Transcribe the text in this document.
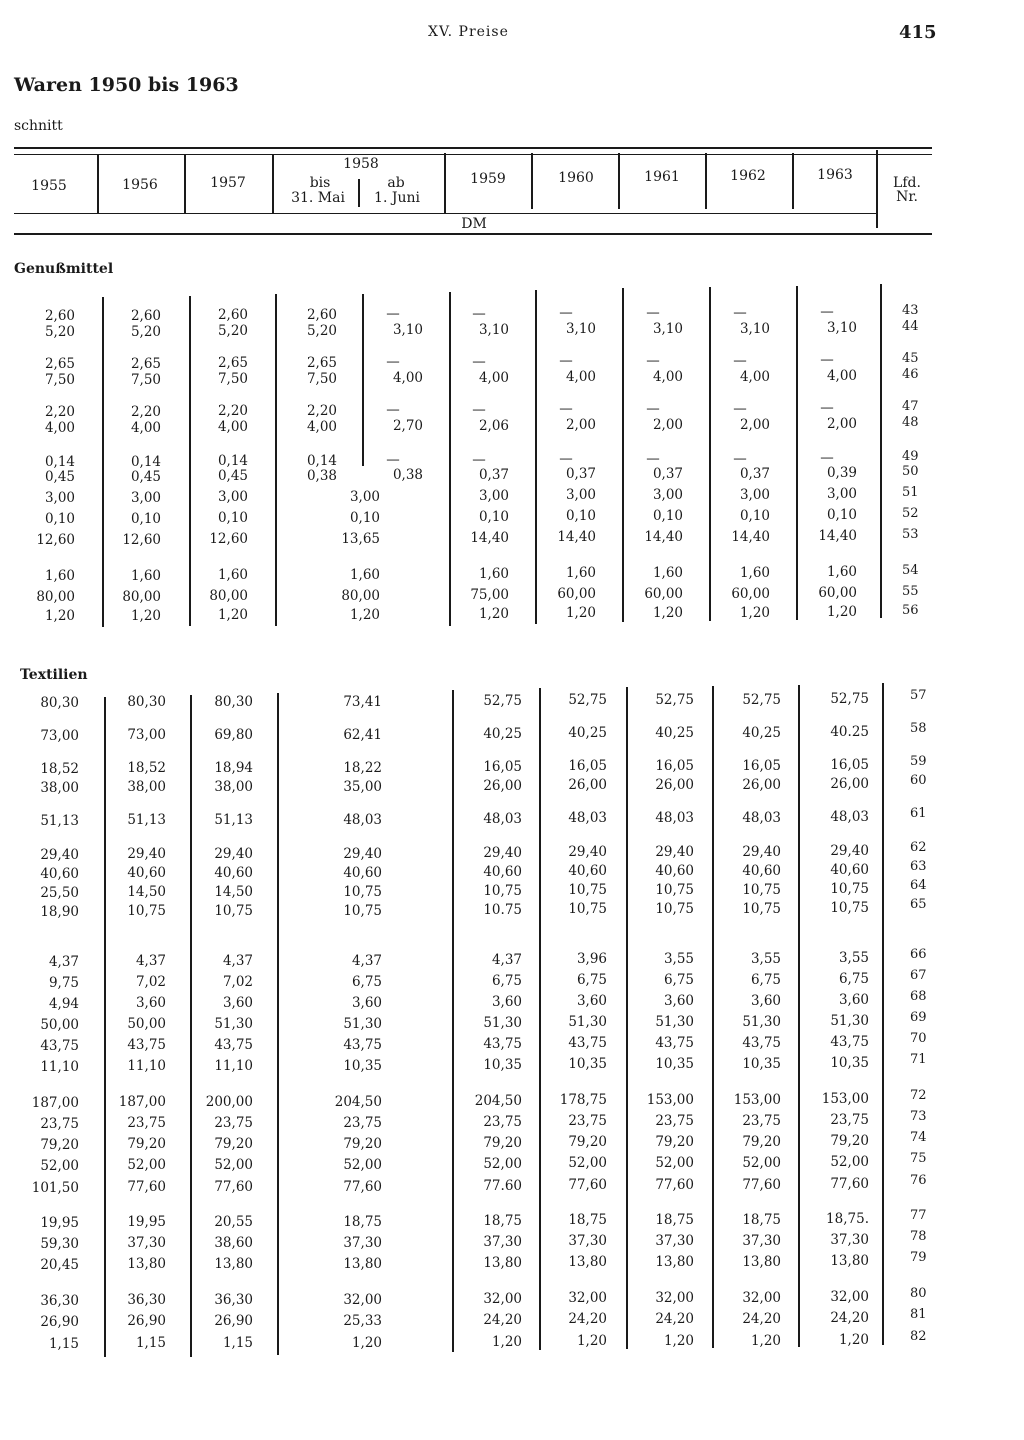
XV. Preise	415
Waren 1950 bis 1963
schnitt
1955	1956	1957
1958
bis
31. Mai
ab
1. Juni
1959	1960	1961	1962	1963	Lfd.
Nr.
DM
Genußmittel
Textilien
2,60	2,60	2,60	2,60	—	—	—	—	—	—	43
5,20	5,20	5,20	5,20	3,10	3,10	3,10	3,10	3,10	3,10	44
2,65	2,65	2,65	2,65	—	—	—	—	—	—	45
7,50	7,50	7,50	7,50	4,00	4,00	4,00	4,00	4,00	4,00	46
2,20	2,20	2,20	2,20	—	—	—	—	—	—	47
4,00	4,00	4,00	4,00	2,70	2,06	2,00	2,00	2,00	2,00	48
0,14	0,14	0,14	0,14	—	—	—	—	—	—	49
0,45	0,45	0,45	0,38	0,38	0,37	0,37	0,37	0,37	0,39	50
3,00	3,00	3,00	3,00	3,00	3,00	3,00	3,00	3,00	51
0,10	0,10	0,10	0,10	0,10	0,10	0,10	0,10	0,10	52
12,60	12,60	12,60	13,65	14,40	14,40	14,40	14,40	14,40	53
1,60	1,60	1,60	1,60	1,60	1,60	1,60	1,60	1,60	54
80,00	80,00	80,00	80,00	75,00	60,00	60,00	60,00	60,00	55
1,20	1,20	1,20	1,20	1,20	1,20	1,20	1,20	1,20	56
80,30	80,30	80,30	73,41	52,75	52,75	52,75	52,75	52,75	57
73,00	73,00	69,80	62,41	40,25	40,25	40,25	40,25	40.25	58
18,52	18,52	18,94	18,22	16,05	16,05	16,05	16,05	16,05	59
38,00	38,00	38,00	35,00	26,00	26,00	26,00	26,00	26,00	60
51,13	51,13	51,13	48,03	48,03	48,03	48,03	48,03	48,03	61
29,40	29,40	29,40	29,40	29,40	29,40	29,40	29,40	29,40	62
40,60	40,60	40,60	40,60	40,60	40,60	40,60	40,60	40,60	63
25,50	14,50	14,50	10,75	10,75	10,75	10,75	10,75	10,75	64
18,90	10,75	10,75	10,75	10.75	10,75	10,75	10,75	10,75	65
4,37	4,37	4,37	4,37	4,37	3,96	3,55	3,55	3,55	66
9,75	7,02	7,02	6,75	6,75	6,75	6,75	6,75	6,75	67
4,94	3,60	3,60	3,60	3,60	3,60	3,60	3,60	3,60	68
50,00	50,00	51,30	51,30	51,30	51,30	51,30	51,30	51,30	69
43,75	43,75	43,75	43,75	43,75	43,75	43,75	43,75	43,75	70
11,10	11,10	11,10	10,35	10,35	10,35	10,35	10,35	10,35	71
187,00	187,00	200,00	204,50	204,50	178,75	153,00	153,00	153,00	72
23,75	23,75	23,75	23,75	23,75	23,75	23,75	23,75	23,75	73
79,20	79,20	79,20	79,20	79,20	79,20	79,20	79,20	79,20	74
52,00	52,00	52,00	52,00	52,00	52,00	52,00	52,00	52,00	75
101,50	77,60	77,60	77,60	77.60	77,60	77,60	77,60	77,60	76
19,95	19,95	20,55	18,75	18,75	18,75	18,75	18,75	18,75.	77
59,30	37,30	38,60	37,30	37,30	37,30	37,30	37,30	37,30	78
20,45	13,80	13,80	13,80	13,80	13,80	13,80	13,80	13,80	79
36,30	36,30	36,30	32,00	32,00	32,00	32,00	32,00	32,00	80
26,90	26,90	26,90	25,33	24,20	24,20	24,20	24,20	24,20	81
1,15	1,15	1,15	1,20	1,20	1,20	1,20	1,20	1,20	82
